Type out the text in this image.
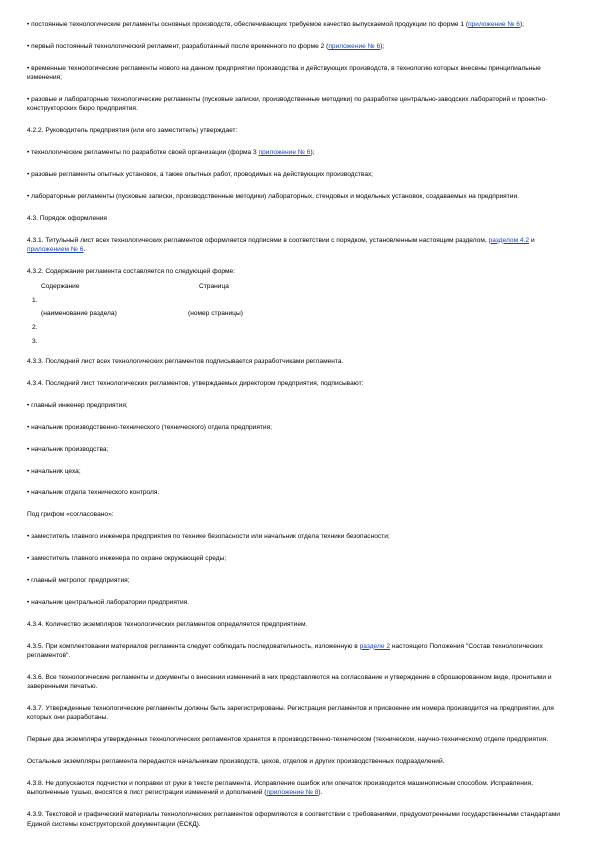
• постоянные технологические регламенты основных производств, обеспечивающих требуемое качество выпускаемой продукции по форме 1 (приложение № 6);

• первый постоянный технологический регламент, разработанный после временного по форме 2 (приложение № 6);

• временные технологические регламенты нового на данном предприятии производства и действующих производств, в технологию которых внесены принципиальные изменения;

• разовые и лабораторные технологические регламенты (пусковые записки, производственные методики) по разработке центрально-заводских лабораторий и проектно-конструкторских бюро предприятия.

4.2.2. Руководитель предприятия (или его заместитель) утверждает:

• технологические регламенты по разработке своей организации (форма 3 приложение № 6);

• разовые регламенты опытных установок, а также опытных работ, проводимых на действующих производствах;

• лабораторные регламенты (пусковые записки, производственные методики) лабораторных, стендовых и модельных установок, создаваемых на предприятии.

4.3. Порядок оформления

4.3.1. Титульный лист всех технологических регламентов оформляется подписями в соответствии с порядком, установленным настоящим разделом, разделом 4.2 и приложением № 6.

4.3.2. Содержание регламента составляется по следующей форме:

Содержание	Страница
1.
(наименование раздела)	(номер страницы)
2.
3.

4.3.3. Последний лист всех технологических регламентов подписывается разработчиками регламента.

4.3.4. Последний лист технологических регламентов, утверждаемых директором предприятия, подписывают:

• главный инженер предприятия;

• начальник производственно-технического (технического) отдела предприятия;

• начальник производства;

• начальник цеха;

• начальник отдела технического контроля.

Под грифом «согласовано»:

• заместитель главного инженера предприятия по технике безопасности или начальник отдела техники безопасности;

• заместитель главного инженера по охране окружающей среды;

• главный метролог предприятия;

• начальник центральной лаборатории предприятия.

4.3.4. Количество экземпляров технологических регламентов определяется предприятием.

4.3.5. При комплектовании материалов регламента следует соблюдать последовательность, изложенную в разделе 2 настоящего Положения "Состав технологических регламентов".

4.3.6. Все технологические регламенты и документы о внесении изменений в них представляются на согласование и утверждение в сброшюрованном виде, пронитыми и заверенными печатью.

4.3.7. Утвержденные технологические регламенты должны быть зарегистрированы. Регистрация регламентов и присвоение им номера производится на предприятии, для которых они разработаны.

Первые два экземпляра утвержденных технологических регламентов хранятся в производственно-техническом (техническом, научно-техническом) отделе предприятия.

Остальные экземпляры регламента передаются начальникам производств, цехов, отделов и других производственных подразделений.

4.3.8. Не допускаются подчистки и поправки от руки в тексте регламента. Исправление ошибок или опечаток производится машинописным способом. Исправления, выполненные тушью, вносятся в лист регистрации изменений и дополнений (приложение № 8).

4.3.9. Текстовой и графический материалы технологических регламентов оформляются в соответствии с требованиями, предусмотренными государственными стандартами Единой системы конструкторской документации (ЕСКД).
